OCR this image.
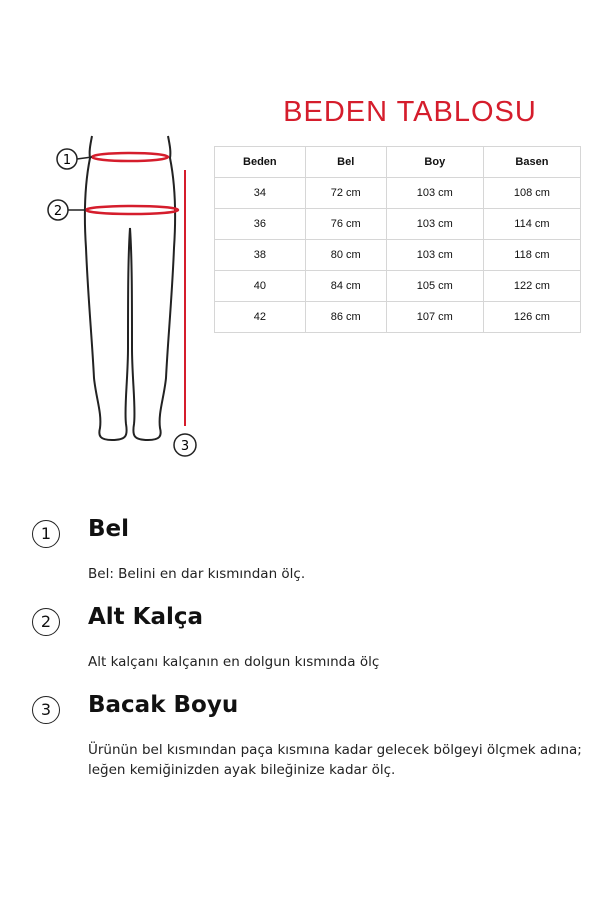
BEDEN TABLOSU
1
2
3
Beden	Bel	Boy	Basen
34	72 cm	103 cm	108 cm
36	76 cm	103 cm	114 cm
38	80 cm	103 cm	118 cm
40	84 cm	105 cm	122 cm
42	86 cm	107 cm	126 cm
1	Bel
Bel: Belini en dar kısmından ölç.
2	Alt Kalça
Alt kalçanı kalçanın en dolgun kısmında ölç
3	Bacak Boyu
Ürünün bel kısmından paça kısmına kadar gelecek bölgeyi ölçmek adına; leğen kemiğinizden ayak bileğinize kadar ölç.
